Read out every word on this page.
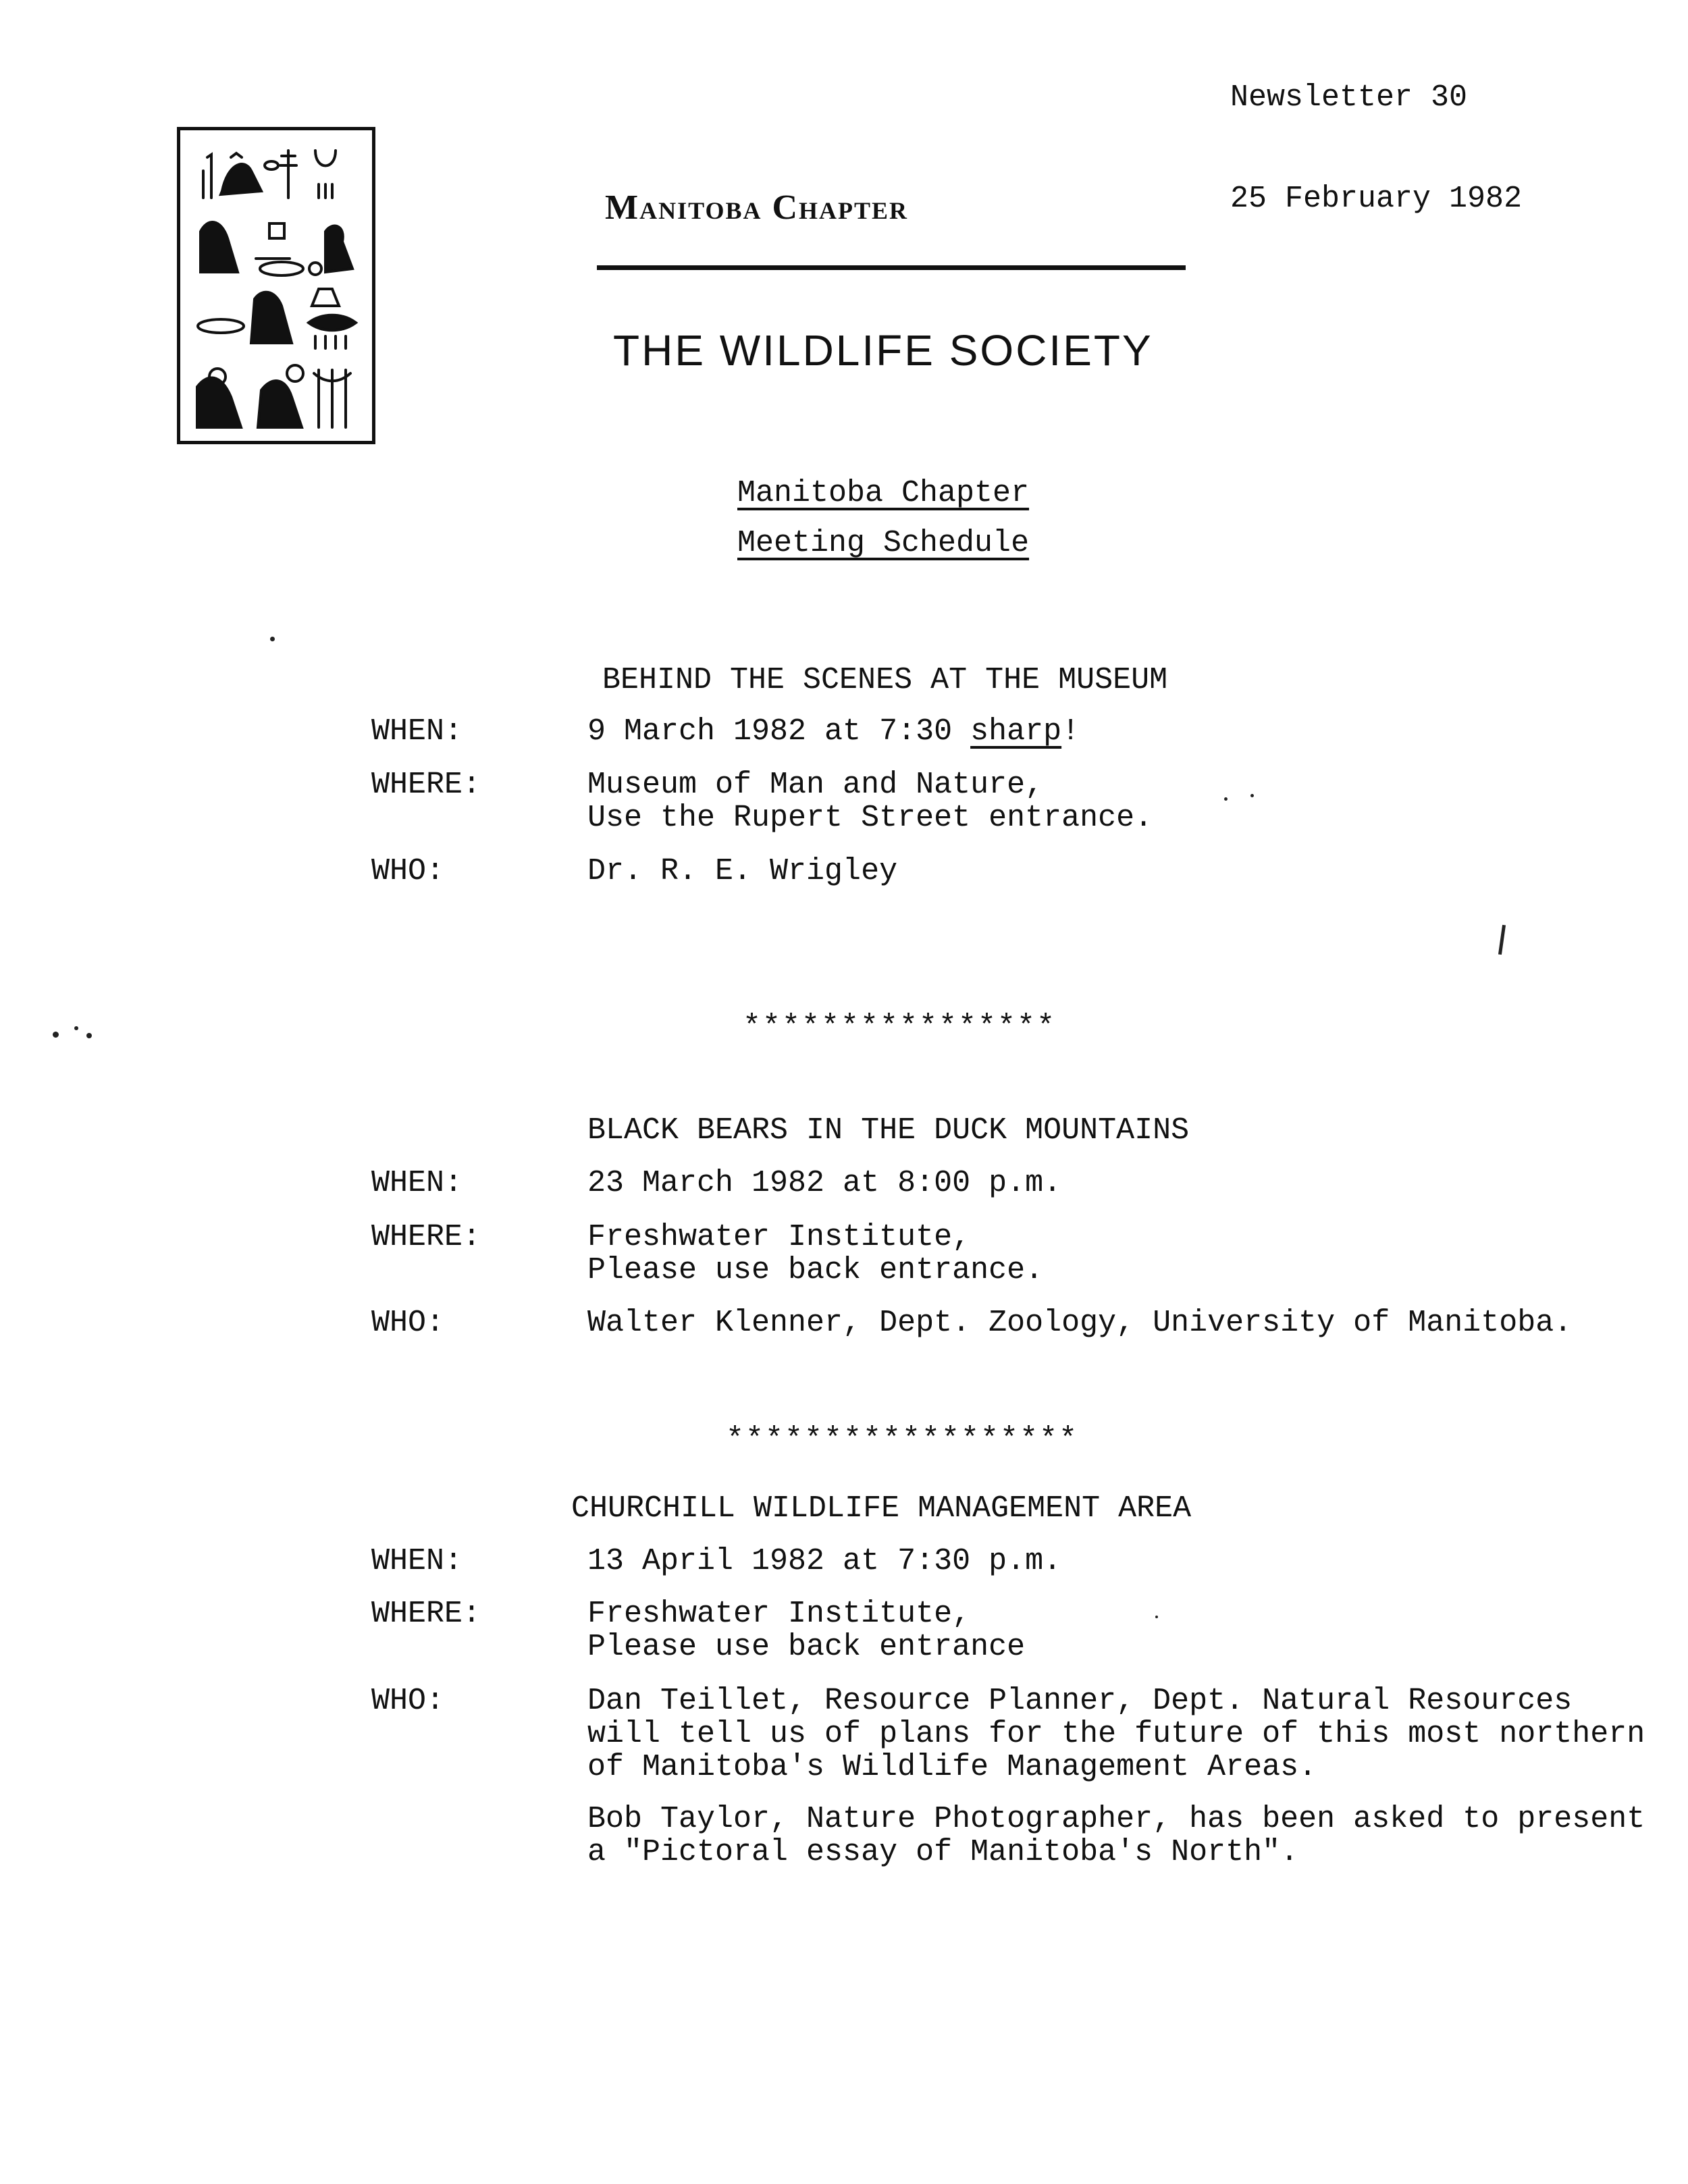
Newsletter 30

25 February 1982

Manitoba Chapter
THE WILDLIFE SOCIETY
Manitoba Chapter
Meeting Schedule
BEHIND THE SCENES AT THE MUSEUM
WHEN:	9 March 1982 at 7:30 sharp!
WHERE:	Museum of Man and Nature,
Use the Rupert Street entrance.
WHO:	Dr. R. E. Wrigley
****************
BLACK BEARS IN THE DUCK MOUNTAINS
WHEN:	23 March 1982 at 8:00 p.m.
WHERE:	Freshwater Institute,
Please use back entrance.
WHO:	Walter Klenner, Dept. Zoology, University of Manitoba.
******************
CHURCHILL WILDLIFE MANAGEMENT AREA
WHEN:	13 April 1982 at 7:30 p.m.
WHERE:	Freshwater Institute,
Please use back entrance
WHO:	Dan Teillet, Resource Planner, Dept. Natural Resources
will tell us of plans for the future of this most northern
of Manitoba's Wildlife Management Areas.
Bob Taylor, Nature Photographer, has been asked to present
a "Pictoral essay of Manitoba's North".
